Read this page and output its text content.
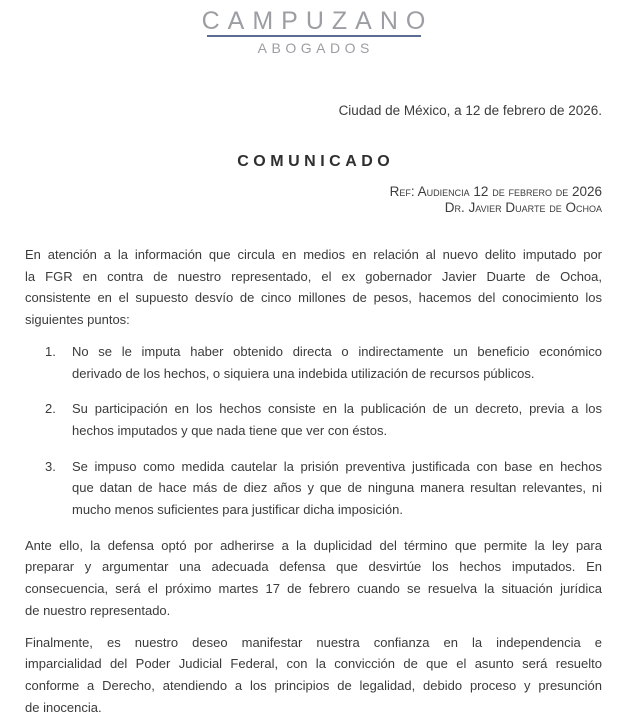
CAMPUZANO
ABOGADOS
Ciudad de México, a 12 de febrero de 2026.
COMUNICADO
Ref: Audiencia 12 de febrero de 2026
Dr. Javier Duarte de Ochoa
En atención a la información que circula en medios en relación al nuevo delito imputado por
la FGR en contra de nuestro representado, el ex gobernador Javier Duarte de Ochoa,
consistente en el supuesto desvío de cinco millones de pesos, hacemos del conocimiento los
siguientes puntos:
1. No se le imputa haber obtenido directa o indirectamente un beneficio económico
derivado de los hechos, o siquiera una indebida utilización de recursos públicos.
2. Su participación en los hechos consiste en la publicación de un decreto, previa a los
hechos imputados y que nada tiene que ver con éstos.
3. Se impuso como medida cautelar la prisión preventiva justificada con base en hechos
que datan de hace más de diez años y que de ninguna manera resultan relevantes, ni
mucho menos suficientes para justificar dicha imposición.
Ante ello, la defensa optó por adherirse a la duplicidad del término que permite la ley para
preparar y argumentar una adecuada defensa que desvirtúe los hechos imputados. En
consecuencia, será el próximo martes 17 de febrero cuando se resuelva la situación jurídica
de nuestro representado.
Finalmente, es nuestro deseo manifestar nuestra confianza en la independencia e
imparcialidad del Poder Judicial Federal, con la convicción de que el asunto será resuelto
conforme a Derecho, atendiendo a los principios de legalidad, debido proceso y presunción
de inocencia.
